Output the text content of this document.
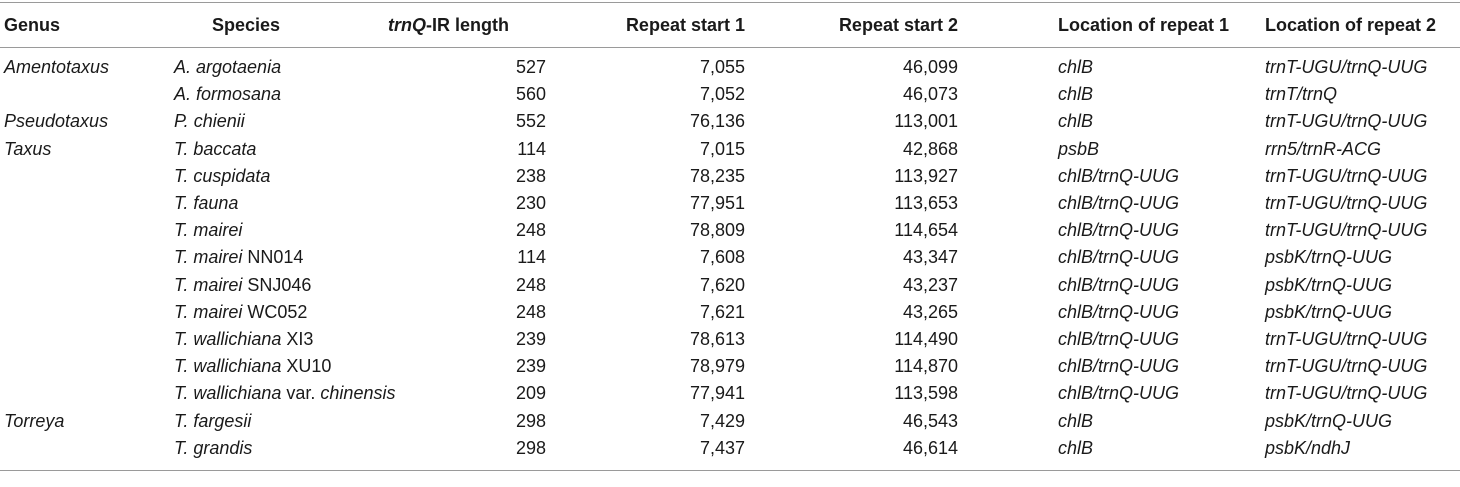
Genus	Species	trnQ-IR length	Repeat start 1	Repeat start 2	Location of repeat 1	Location of repeat 2
Amentotaxus	A. argotaenia	527	7,055	46,099	chlB	trnT-UGU/trnQ-UUG
	A. formosana	560	7,052	46,073	chlB	trnT/trnQ
Pseudotaxus	P. chienii	552	76,136	113,001	chlB	trnT-UGU/trnQ-UUG
Taxus	T. baccata	114	7,015	42,868	psbB	rrn5/trnR-ACG
	T. cuspidata	238	78,235	113,927	chlB/trnQ-UUG	trnT-UGU/trnQ-UUG
	T. fauna	230	77,951	113,653	chlB/trnQ-UUG	trnT-UGU/trnQ-UUG
	T. mairei	248	78,809	114,654	chlB/trnQ-UUG	trnT-UGU/trnQ-UUG
	T. mairei NN014	114	7,608	43,347	chlB/trnQ-UUG	psbK/trnQ-UUG
	T. mairei SNJ046	248	7,620	43,237	chlB/trnQ-UUG	psbK/trnQ-UUG
	T. mairei WC052	248	7,621	43,265	chlB/trnQ-UUG	psbK/trnQ-UUG
	T. wallichiana XI3	239	78,613	114,490	chlB/trnQ-UUG	trnT-UGU/trnQ-UUG
	T. wallichiana XU10	239	78,979	114,870	chlB/trnQ-UUG	trnT-UGU/trnQ-UUG
	T. wallichiana var. chinensis	209	77,941	113,598	chlB/trnQ-UUG	trnT-UGU/trnQ-UUG
Torreya	T. fargesii	298	7,429	46,543	chlB	psbK/trnQ-UUG
	T. grandis	298	7,437	46,614	chlB	psbK/ndhJ
